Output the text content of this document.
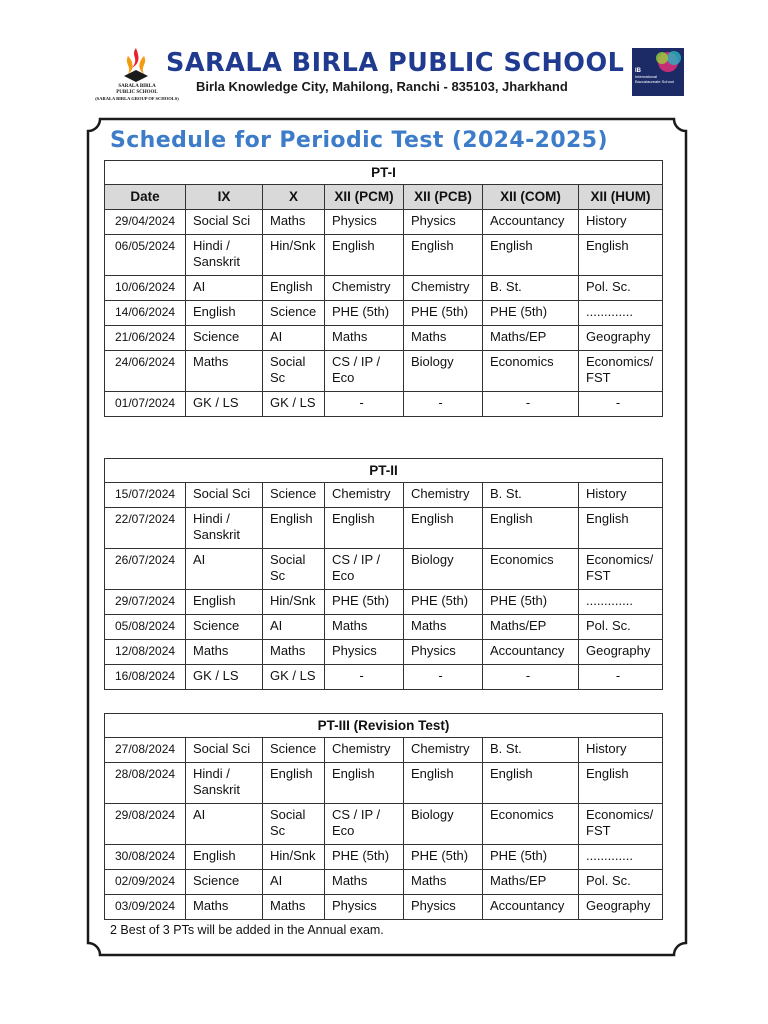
SARALA BIRLA
PUBLIC SCHOOL
(SARALA BIRLA GROUP OF SCHOOLS)
SARALA BIRLA PUBLIC SCHOOL
Birla Knowledge City, Mahilong, Ranchi - 835103, Jharkhand
IB
International Baccalaureate School
Schedule for Periodic Test (2024-2025)
PT-I						
Date	IX	X	XII (PCM)	XII (PCB)	XII (COM)	XII (HUM)
29/04/2024	Social Sci	Maths	Physics	Physics	Accountancy	History
06/05/2024	Hindi / Sanskrit	Hin/Snk	English	English	English	English
10/06/2024	AI	English	Chemistry	Chemistry	B. St.	Pol. Sc.
14/06/2024	English	Science	PHE (5th)	PHE (5th)	PHE (5th)	.............
21/06/2024	Science	AI	Maths	Maths	Maths/EP	Geography
24/06/2024	Maths	Social Sc	CS / IP / Eco	Biology	Economics	Economics/ FST
01/07/2024	GK / LS	GK / LS	-	-	-	-
PT-II						
15/07/2024	Social Sci	Science	Chemistry	Chemistry	B. St.	History
22/07/2024	Hindi / Sanskrit	English	English	English	English	English
26/07/2024	AI	Social Sc	CS / IP / Eco	Biology	Economics	Economics/ FST
29/07/2024	English	Hin/Snk	PHE (5th)	PHE (5th)	PHE (5th)	.............
05/08/2024	Science	AI	Maths	Maths	Maths/EP	Pol. Sc.
12/08/2024	Maths	Maths	Physics	Physics	Accountancy	Geography
16/08/2024	GK / LS	GK / LS	-	-	-	-
PT-III (Revision Test)						
27/08/2024	Social Sci	Science	Chemistry	Chemistry	B. St.	History
28/08/2024	Hindi / Sanskrit	English	English	English	English	English
29/08/2024	AI	Social Sc	CS / IP / Eco	Biology	Economics	Economics/ FST
30/08/2024	English	Hin/Snk	PHE (5th)	PHE (5th)	PHE (5th)	.............
02/09/2024	Science	AI	Maths	Maths	Maths/EP	Pol. Sc.
03/09/2024	Maths	Maths	Physics	Physics	Accountancy	Geography
2 Best of 3 PTs will be added in the Annual exam.
